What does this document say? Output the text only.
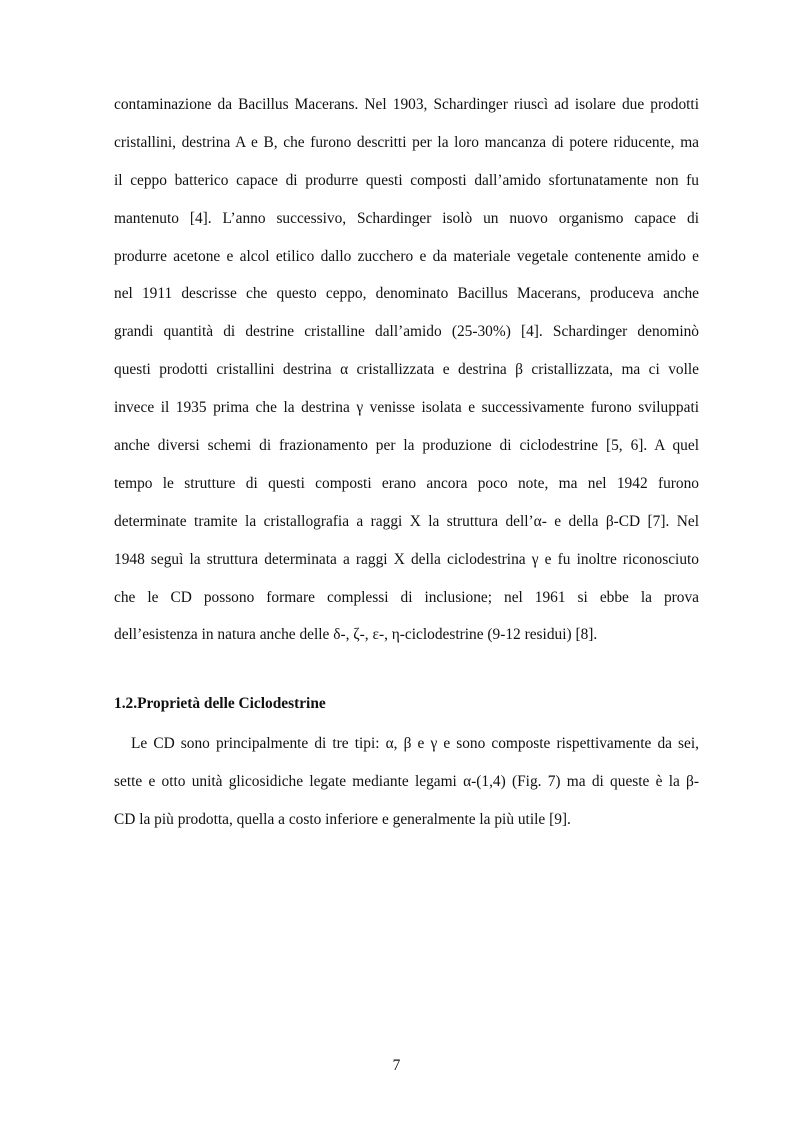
contaminazione da Bacillus Macerans. Nel 1903, Schardinger riuscì ad isolare due prodotti
cristallini, destrina A e B, che furono descritti per la loro mancanza di potere riducente, ma
il ceppo batterico capace di produrre questi composti dall’amido sfortunatamente non fu
mantenuto [4]. L’anno successivo, Schardinger isolò un nuovo organismo capace di
produrre acetone e alcol etilico dallo zucchero e da materiale vegetale contenente amido e
nel 1911 descrisse che questo ceppo, denominato Bacillus Macerans, produceva anche
grandi quantità di destrine cristalline dall’amido (25-30%) [4]. Schardinger denominò
questi prodotti cristallini destrina α cristallizzata e destrina β cristallizzata, ma ci volle
invece il 1935 prima che la destrina γ venisse isolata e successivamente furono sviluppati
anche diversi schemi di frazionamento per la produzione di ciclodestrine [5, 6]. A quel
tempo le strutture di questi composti erano ancora poco note, ma nel 1942 furono
determinate tramite la cristallografia a raggi X la struttura dell’α- e della β-CD [7]. Nel
1948 seguì la struttura determinata a raggi X della ciclodestrina γ e fu inoltre riconosciuto
che le CD possono formare complessi di inclusione; nel 1961 si ebbe la prova
dell’esistenza in natura anche delle δ-, ζ-, ε-, η-ciclodestrine (9-12 residui) [8].
1.2.Proprietà delle Ciclodestrine
Le CD sono principalmente di tre tipi: α, β e γ e sono composte rispettivamente da sei,
sette e otto unità glicosidiche legate mediante legami α-(1,4) (Fig. 7) ma di queste è la β-
CD la più prodotta, quella a costo inferiore e generalmente la più utile [9].
7
